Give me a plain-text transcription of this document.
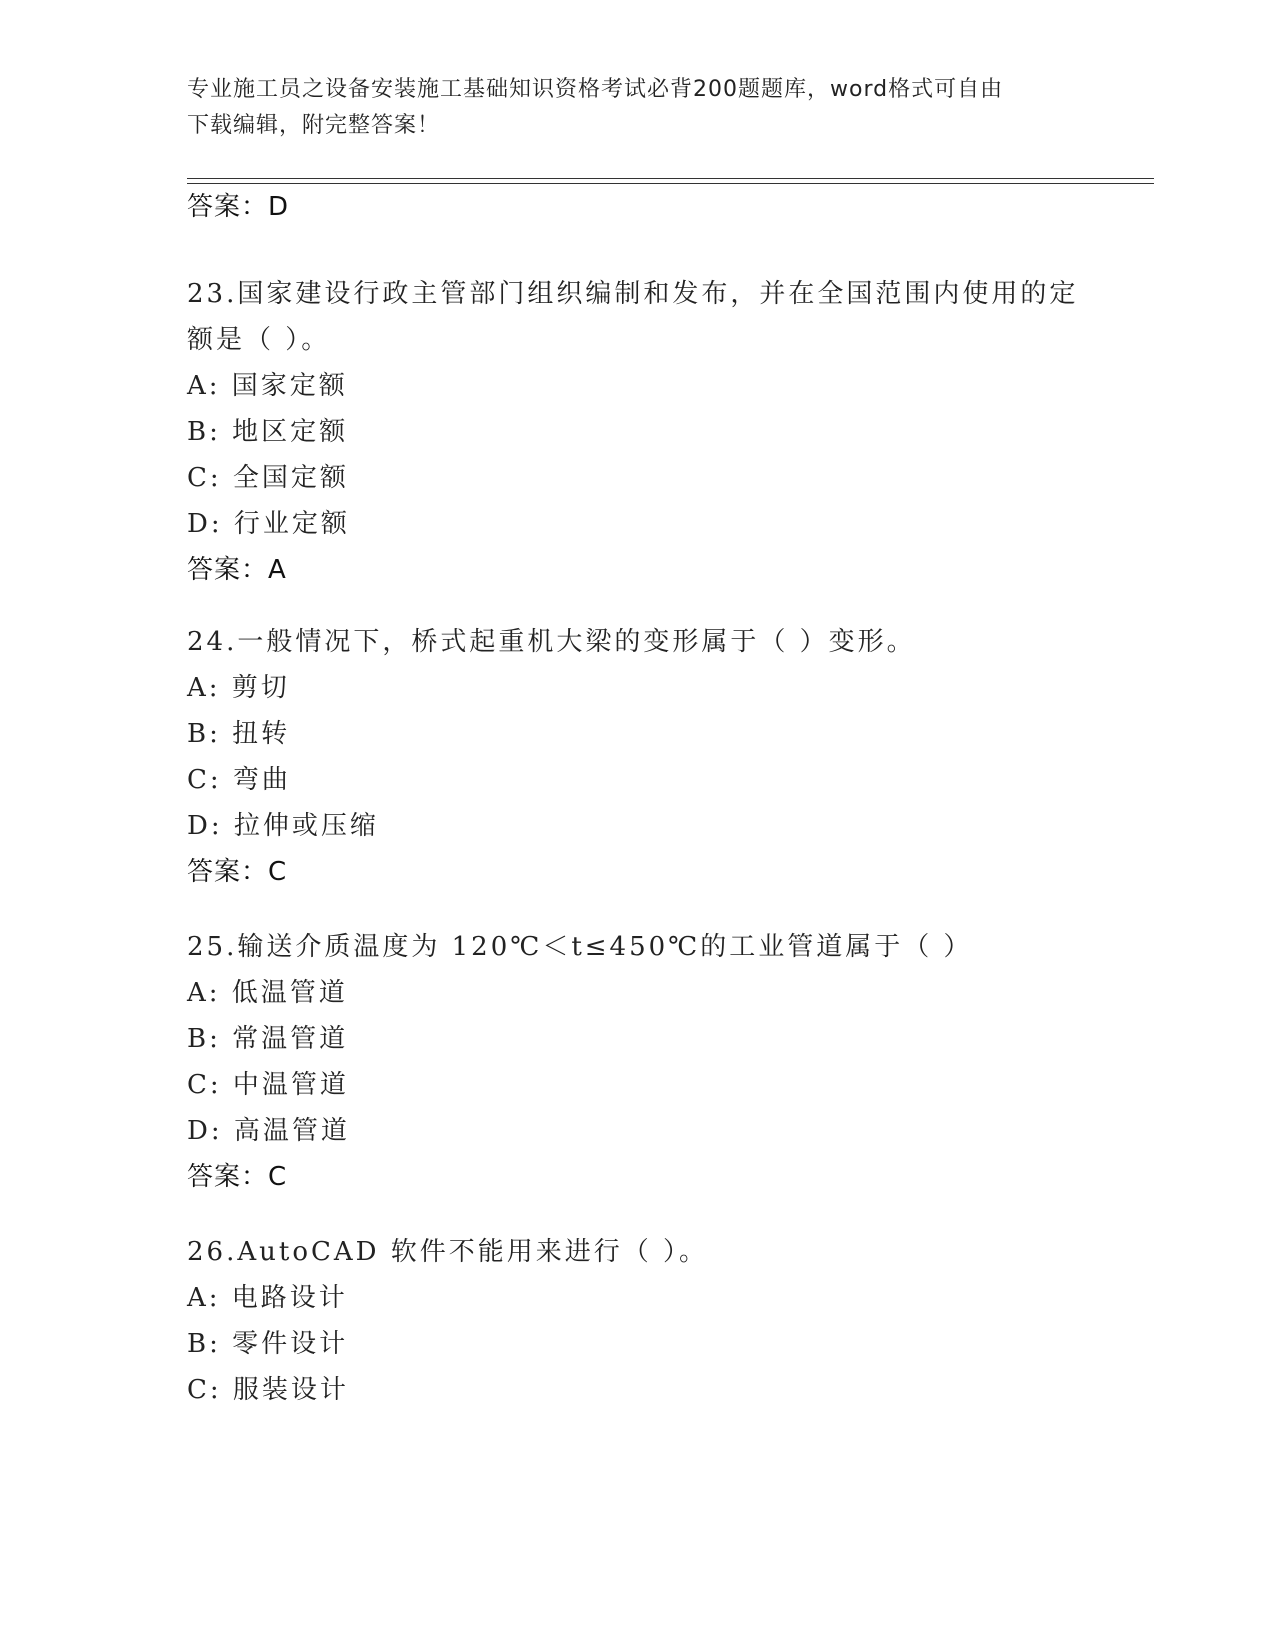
专业施工员之设备安装施工基础知识资格考试必背200题题库，word格式可自由
下载编辑，附完整答案！
答案：D
23.国家建设行政主管部门组织编制和发布，并在全国范围内使用的定
额是（ ）。
A: 国家定额
B: 地区定额
C: 全国定额
D: 行业定额
答案：A
24.一般情况下，桥式起重机大梁的变形属于（ ）变形。
A: 剪切
B: 扭转
C: 弯曲
D: 拉伸或压缩
答案：C
25.输送介质温度为 120℃＜t≤450℃的工业管道属于（ ）
A: 低温管道
B: 常温管道
C: 中温管道
D: 高温管道
答案：C
26.AutoCAD 软件不能用来进行（ ）。
A: 电路设计
B: 零件设计
C: 服装设计
